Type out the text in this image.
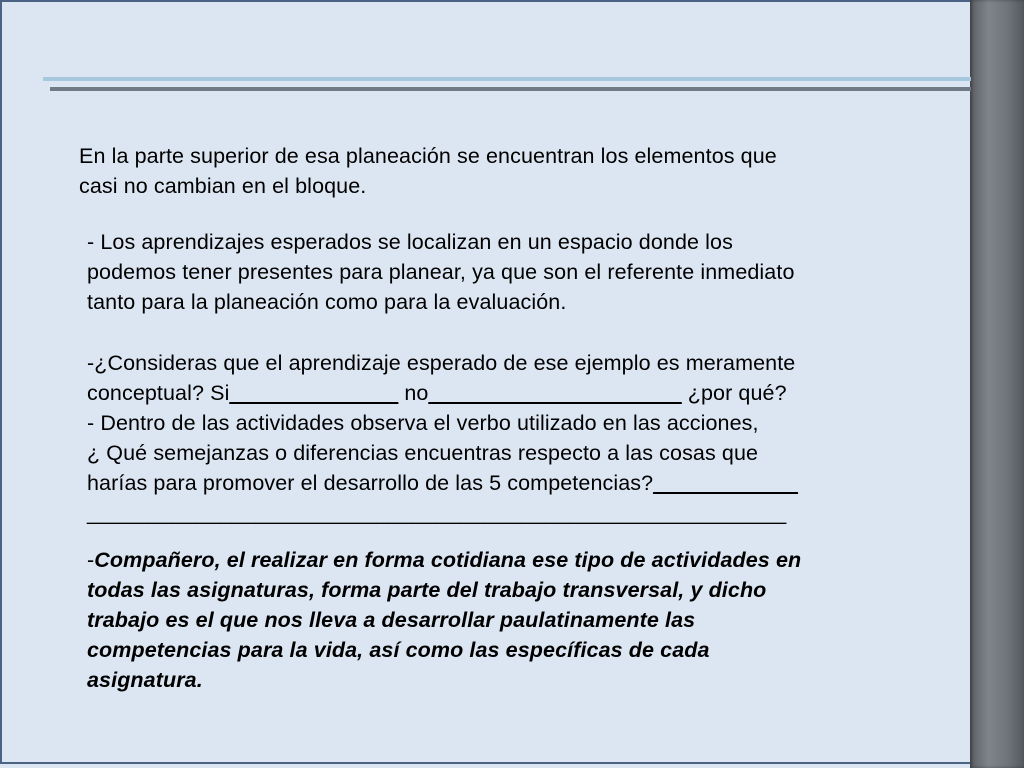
En la parte superior de esa planeación se encuentran los elementos que
casi no cambian en el bloque.
- Los aprendizajes esperados se localizan en un espacio donde los
podemos tener presentes para planear, ya que son el referente inmediato
tanto para la planeación como para la evaluación.
-¿Consideras que el aprendizaje esperado de ese ejemplo es meramente
conceptual? Si______________ no_____________________ ¿por qué?
- Dentro de las actividades observa el verbo utilizado en las acciones,
¿ Qué semejanzas o diferencias encuentras respecto a las cosas que
harías para promover el desarrollo de las 5 competencias?____________
__________________________________________________________
-Compañero, el realizar en forma cotidiana ese tipo de actividades en
todas las asignaturas, forma parte del trabajo transversal, y dicho
trabajo es el que nos lleva a desarrollar paulatinamente las
competencias para la vida, así como las específicas de cada
asignatura.
